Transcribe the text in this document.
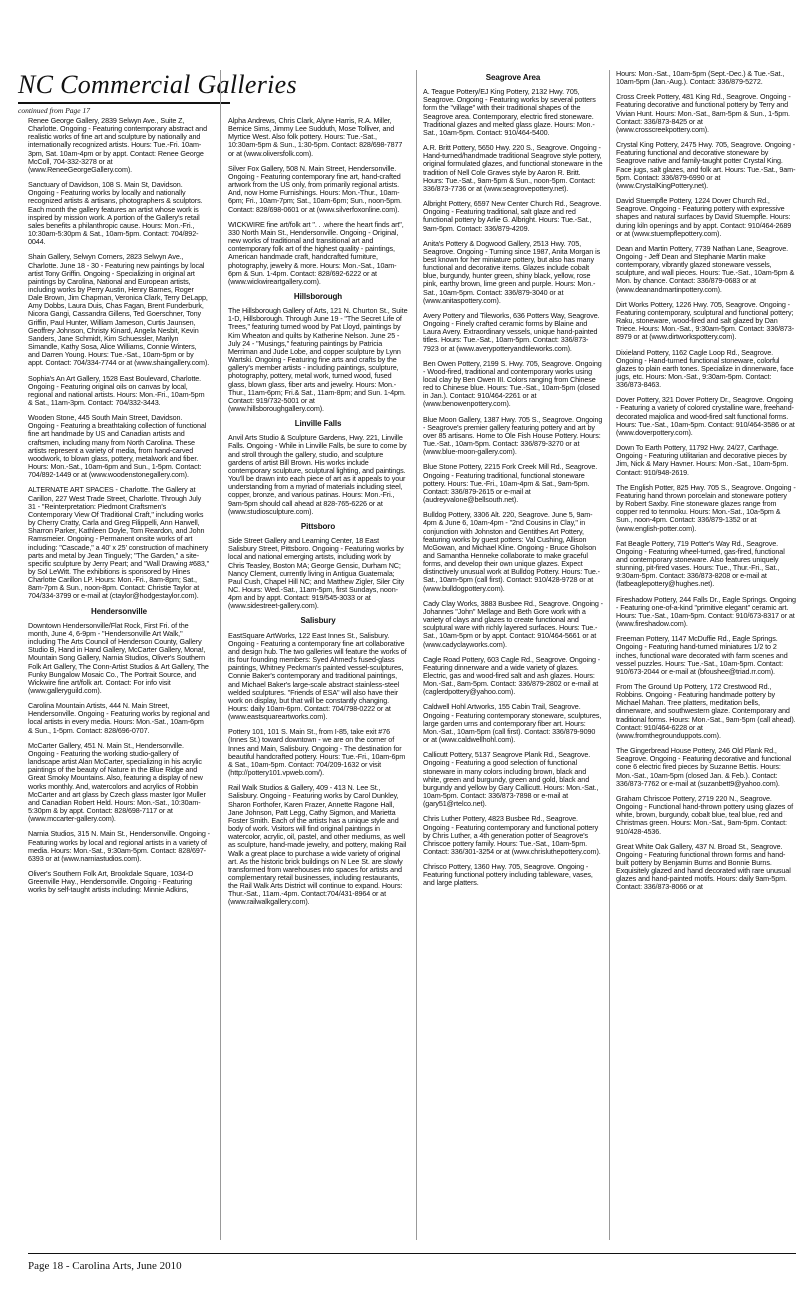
NC Commercial Galleries
continued from Page 17
Renee George Gallery, 2839 Selwyn Ave., Suite Z, Charlotte. Ongoing - Featuring contemporary abstract and realistic works of fine art and sculpture by nationally and internationally recognized artists. Hours: Tue.-Fri. 10am-3pm, Sat. 10am-4pm or by appt. Contact: Renee George McColl, 704-332-3278 or at (www.ReneeGeorgeGallery.com).
Sanctuary of Davidson, 108 S. Main St, Davidson. Ongoing - Featuring works by locally and nationally recognized artists & artisans, photographers & sculptors. Each month the gallery features an artist whose work is inspired by mission work. A portion of the Gallery's retail sales benefits a philanthropic cause. Hours: Mon.-Fri., 10:30am-5:30pm & Sat., 10am-5pm. Contact: 704/892-0044.
Shain Gallery, Selwyn Corners, 2823 Selwyn Ave., Charlotte. June 18 - 30 - Featuring new paintings by local artist Tony Griffin. Ongoing - Specializing in original art paintings by Carolina, National and European artists, including works by Perry Austin, Henry Barnes, Roger Dale Brown, Jim Chapman, Veronica Clark, Terry DeLapp, Amy Dobbs, Laura Duis, Chas Fagan, Brent Funderburk, Nicora Gangi, Cassandra Gillens, Ted Goerschner, Tony Griffin, Paul Hunter, William Jameson, Curtis Jaunsen, Geoffrey Johnson, Christy Kinard, Angela Nesbit, Kevin Sanders, Jane Schmidt, Kim Schuessler, Marilyn Simandle, Kathy Sosa, Alice Williams, Connie Winters, and Darren Young. Hours: Tue.-Sat., 10am-5pm or by appt. Contact: 704/334-7744 or at (www.shaingallery.com).
Sophia's An Art Gallery, 1528 East Boulevard, Charlotte. Ongoing - Featuring original oils on canvas by local, regional and national artists. Hours: Mon.-Fri., 10am-5pm & Sat., 11am-3pm. Contact: 704/332-3443.
Wooden Stone, 445 South Main Street, Davidson. Ongoing - Featuring a breathtaking collection of functional fine art handmade by US and Canadian artists and craftsmen, including many from North Carolina. These artists represent a variety of media, from hand-carved woodwork, to blown glass, pottery, metalwork and fiber. Hours: Mon.-Sat., 10am-6pm and Sun., 1-5pm. Contact: 704/892-1449 or at (www.woodenstonegallery.com).
ALTERNATE ART SPACES - Charlotte. The Gallery at Carillon, 227 West Trade Street, Charlotte. Through July 31 - "Reinterpretation: Piedmont Craftsmen's Contemporary View Of Traditional Craft," including works by Cherry Cratty, Carla and Greg Filippelli, Ann Harwell, Sharron Parker, Kathleen Doyle, Tom Reardon, and John Ramsmeier. Ongoing - Permanent onsite works of art including: "Cascade," a 40' x 25' construction of machinery parts and metal by Jean Tinguely; "The Garden," a site-specific sculpture by Jerry Peart; and "Wall Drawing #683," by Sol LeWitt. The exhibitions is sponsored by Hines Charlotte Carillon LP. Hours: Mon.-Fri., 8am-8pm; Sat., 8am-7pm & Sun., noon-8pm. Contact: Christie Taylor at 704/334-3799 or e-mail at (ctaylor@hodgestaylor.com).
Hendersonville
Downtown Hendersonville/Flat Rock, First Fri. of the month, June 4, 6-9pm - "Hendersonville Art Walk," including The Arts Council of Henderson County, Gallery Studio B, Hand in Hand Gallery, McCarter Gallery, Mona!, Mountain Song Gallery, Narnia Studios, Oliver's Southern Folk Art Gallery, The Conn-Artist Studios & Art Gallery, The Funky Bungalow Mosaic Co., The Portrait Source, and Wickwire fine art/folk art. Contact: For info visit (www.galleryguild.com).
Carolina Mountain Artists, 444 N. Main Street, Hendersonville. Ongoing - Featuring works by regional and local artists in every media. Hours: Mon.-Sat., 10am-6pm & Sun., 1-5pm. Contact: 828/696-0707.
McCarter Gallery, 451 N. Main St., Hendersonville. Ongoing - Featuring the working studio-gallery of landscape artist Alan McCarter, specializing in his acrylic paintings of the beauty of Nature in the Blue Ridge and Great Smoky Mountains. Also, featuring a display of new works monthly. And, watercolors and acrylics of Robbin McCarter and art glass by Czech glass master Igor Muller and Canadian Robert Held. Hours: Mon.-Sat., 10:30am-5:30pm & by appt. Contact: 828/698-7117 or at (www.mccarter-gallery.com).
Narnia Studios, 315 N. Main St., Hendersonville. Ongoing - Featuring works by local and regional artists in a variety of media. Hours: Mon.-Sat., 9:30am-5pm. Contact: 828/697-6393 or at (www.narniastudios.com).
Oliver's Southern Folk Art, Brookdale Square, 1034-D Greenville Hwy., Hendersonville. Ongoing - Featuring works by self-taught artists including: Minnie Adkins,
Alpha Andrews, Chris Clark, Alyne Harris, R.A. Miller, Bernice Sims, Jimmy Lee Sudduth, Mose Tolliver, and Myrtice West. Also folk pottery. Hours: Tue.-Sat., 10:30am-5pm & Sun., 1:30-5pm. Contact: 828/698-7877 or at (www.oliversfolk.com).
Silver Fox Gallery, 508 N. Main Street, Hendersonville. Ongoing - Featuring contemporary fine art, hand-crafted artwork from the US only, from primarily regional artists. And, now Home Furnishings. Hours: Mon.-Thur., 10am-6pm; Fri., 10am-7pm; Sat., 10am-6pm; Sun., noon-5pm. Contact: 828/698-0601 or at (www.silverfoxonline.com).
WICKWIRE fine art/folk art ". . .where the heart finds art", 330 North Main St., Hendersonville. Ongoing - Original, new works of traditional and transitional art and contemporary folk art of the highest quality - paintings, American handmade craft, handcrafted furniture, photography, jewelry & more. Hours: Mon.-Sat., 10am-6pm & Sun. 1-4pm. Contact: 828/692-6222 or at (www.wickwireartgallery.com).
Hillsborough
The Hillsborough Gallery of Arts, 121 N. Churton St., Suite 1-D, Hillsborough. Through June 19 - "The Secret Life of Trees," featuring turned wood by Pat Lloyd, paintings by Kim Wheaton and quilts by Katherine Nelson. June 25 - July 24 - "Musings," featuring paintings by Patricia Merriman and Jude Lobe, and copper sculpture by Lynn Wartski. Ongoing - Featuring fine arts and crafts by the gallery's member artists - including paintings, sculpture, photography, pottery, metal work, turned wood, fused glass, blown glass, fiber arts and jewelry. Hours: Mon.-Thur., 11am-6pm; Fri.& Sat., 11am-8pm; and Sun. 1-4pm. Contact: 919/732-5001 or at (www.hillsboroughgallery.com).
Linville Falls
Anvil Arts Studio & Sculpture Gardens, Hwy. 221, Linville Falls. Ongoing - While in Linville Falls, be sure to come by and stroll through the gallery, studio, and sculpture gardens of artist Bill Brown. His works include contemporary sculpture, sculptural lighting, and paintings. You'll be drawn into each piece of art as it appeals to your understanding from a myriad of materials including steel, copper, bronze, and various patinas. Hours: Mon.-Fri., 9am-5pm should call ahead at 828-765-6226 or at (www.studiosculpture.com).
Pittsboro
Side Street Gallery and Learning Center, 18 East Salisbury Street, Pittsboro. Ongoing - Featuring works by local and national emerging artists, including work by Chris Teasley, Boston MA; George Gensic, Durham NC; Nancy Clement, currently living in Antigua Guatemala; Paul Cush, Chapel Hill NC; and Matthew Zigler, Siler City NC. Hours: Wed.-Sat., 11am-5pm, first Sundays, noon-4pm and by appt. Contact: 919/545-3033 or at (www.sidestreet-gallery.com).
Salisbury
EastSquare ArtWorks, 122 East Innes St., Salisbury. Ongoing - Featuring a contemporary fine art collaborative and design hub. The two galleries will feature the works of its four founding members: Syed Ahmed's fused-glass paintings, Whitney Peckman's painted vessel-sculptures, Connie Baker's contemporary and traditional paintings, and Michael Baker's large-scale abstract stainless-steel welded sculptures. "Friends of ESA" will also have their work on display, but that will be constantly changing. Hours: daily 10am-6pm. Contact: 704/798-0222 or at (www.eastsquareartworks.com).
Pottery 101, 101 S. Main St., from I-85, take exit #76 (Innes St.) toward downtown - we are on the corner of Innes and Main, Salisbury. Ongoing - The destination for beautiful handcrafted pottery. Hours: Tue.-Fri., 10am-6pm & Sat., 10am-5pm. Contact: 704/209-1632 or visit (http://pottery101.vpweb.com/).
Rail Walk Studios & Gallery, 409 - 413 N. Lee St., Salisbury. Ongoing - Featuring works by Carol Dunkley, Sharon Forthofer, Karen Frazer, Annette Ragone Hall, Jane Johnson, Patt Legg, Cathy Sigmon, and Marietta Foster Smith. Each of the artists has a unique style and body of work. Visitors will find original paintings in watercolor, acrylic, oil, pastel, and other mediums, as well as sculpture, hand-made jewelry, and pottery, making Rail Walk a great place to purchase a wide variety of original art. As the historic brick buildings on N Lee St. are slowly transformed from warehouses into spaces for artists and complementary retail businesses, including restaurants, the Rail Walk Arts District will continue to expand. Hours: Thur.-Sat., 11am.-4pm. Contact:704/431-8964 or at (www.railwalkgallery.com).
Seagrove Area
A. Teague Pottery/EJ King Pottery, 2132 Hwy. 705, Seagrove. Ongoing - Featuring works by several potters form the "village" with their traditional shapes of the Seagrove area. Contemporary, electric fired stoneware. Traditional glazes and melted glass glaze. Hours: Mon.-Sat., 10am-5pm. Contact: 910/464-5400.
A.R. Britt Pottery, 5650 Hwy. 220 S., Seagrove. Ongoing - Hand-turned/handmade traditional Seagrove style pottery, original formulated glazes, and functional stoneware in the tradition of Nell Cole Graves style by Aaron R. Britt. Hours: Tue.-Sat., 9am-5pm & Sun., noon-5pm. Contact: 336/873-7736 or at (www.seagrovepottery.net).
Albright Pottery, 6597 New Center Church Rd., Seagrove. Ongoing - Featuring traditional, salt glaze and red functional pottery by Arlie G. Albright. Hours: Tue.-Sat., 9am-5pm. Contact: 336/879-4209.
Anita's Pottery & Dogwood Gallery, 2513 Hwy. 705, Seagrove. Ongoing - Turning since 1987, Anita Morgan is best known for her miniature pottery, but also has many functional and decorative items. Glazes include cobalt blue, burgundy, hunter green, shiny black, yellow, rose pink, earthy brown, lime green and purple. Hours: Mon.-Sat., 10am-5pm. Contact: 336/879-3040 or at (www.anitaspottery.com).
Avery Pottery and Tileworks, 636 Potters Way, Seagrove. Ongoing - Finely crafted ceramic forms by Blaine and Laura Avery. Extraordinary vessels, unique hand-painted titles. Hours: Tue.-Sat., 10am-5pm. Contact: 336/873-7923 or at (www.averypotteryandtileworks.com).
Ben Owen Pottery, 2199 S. Hwy. 705, Seagrove. Ongoing - Wood-fired, traditional and contemporary works using local clay by Ben Owen III. Colors ranging from Chinese red to Chinese blue. Hours: Tue.-Sat., 10am-5pm (closed in Jan.). Contact: 910/464-2261 or at (www.benowenpottery.com).
Blue Moon Gallery, 1387 Hwy. 705 S., Seagrove. Ongoing - Seagrove's premier gallery featuring pottery and art by over 85 artisans. Home to Ole Fish House Pottery. Hours: Tue.-Sat., 10am-5pm. Contact: 336/879-3270 or at (www.blue-moon-gallery.com).
Blue Stone Pottery, 2215 Fork Creek Mill Rd., Seagrove. Ongoing - Featuring traditional, functional stoneware pottery. Hours: Tue.-Fri., 10am-4pm & Sat., 9am-5pm. Contact: 336/879-2615 or e-mail at (audreyvalone@bellsouth.net).
Bulldog Pottery, 3306 Alt. 220, Seagrove. June 5, 9am-4pm & June 6, 10am-4pm - "2nd Cousins in Clay," in conjunction with Johnston and Gentithes Art Pottery, featuring works by guest potters: Val Cushing, Allison McGowan, and Michael Kline. Ongoing - Bruce Gholson and Samantha Henneke collaborate to make graceful forms, and develop their own unique glazes. Expect distinctively unusual work at Bulldog Pottery. Hours: Tue.-Sat., 10am-5pm (call first). Contact: 910/428-9728 or at (www.bulldogpottery.com).
Cady Clay Works, 3883 Busbee Rd., Seagrove. Ongoing - Johannes "John" Mellage and Beth Gore work with a variety of clays and glazes to create functional and sculptural ware with richly layered surfaces. Hours: Tue.-Sat., 10am-5pm or by appt. Contact: 910/464-5661 or at (www.cadyclayworks.com).
Cagle Road Pottery, 603 Cagle Rd., Seagrove. Ongoing - Featuring dinnerware and a wide variety of glazes. Electric, gas and wood-fired salt and ash glazes. Hours: Mon.-Sat., 8am-5pm. Contact: 336/879-2802 or e-mail at (caglerdpottery@yahoo.com).
Caldwell Hohl Artworks, 155 Cabin Trail, Seagrove. Ongoing - Featuring contemporary stoneware, sculptures, large garden urns and contemporary fiber art. Hours: Mon.-Sat., 10am-5pm (call first). Contact: 336/879-9090 or at (www.caldwellhohl.com).
Callicutt Pottery, 5137 Seagrove Plank Rd., Seagrove. Ongoing - Featuring a good selection of functional stoneware in many colors including brown, black and white, green and burgundy, green and gold, black and burgundy and yellow by Gary Callicutt. Hours: Mon.-Sat., 10am-5pm. Contact: 336/873-7898 or e-mail at (gary51@rtelco.net).
Chris Luther Pottery, 4823 Busbee Rd., Seagrove. Ongoing - Featuring contemporary and functional pottery by Chris Luther, a 4th generation potter of Seagrove's Chriscoe pottery family. Hours: Tue.-Sat., 10am-5pm. Contact: 336/301-3254 or at (www.chrisluthepottery.com).
Chrisco Pottery, 1360 Hwy. 705, Seagrove. Ongoing - Featuring functional pottery including tableware, vases, and large platters.
Hours: Mon.-Sat., 10am-5pm (Sept.-Dec.) & Tue.-Sat., 10am-5pm (Jan.-Aug.). Contact: 336/879-5272.
Cross Creek Pottery, 481 King Rd., Seagrove. Ongoing - Featuring decorative and functional pottery by Terry and Vivian Hunt. Hours: Mon.-Sat., 8am-5pm & Sun., 1-5pm. Contact: 336/873-8425 or at (www.crosscreekpottery.com).
Crystal King Pottery, 2475 Hwy. 705, Seagrove. Ongoing - Featuring functional and decorative stoneware by Seagrove native and family-taught potter Crystal King. Face jugs, salt glazes, and folk art. Hours: Tue.-Sat., 9am-5pm. Contact: 336/879-6990 or at (www.CrystalKingPottery.net).
David Stuempfle Pottery, 1224 Dover Church Rd., Seagrove. Ongoing - Featuring pottery with expressive shapes and natural surfaces by David Stuempfle. Hours: during kiln openings and by appt. Contact: 910/464-2689 or at (www.stuempflepottery.com).
Dean and Martin Pottery, 7739 Nathan Lane, Seagrove. Ongoing - Jeff Dean and Stephanie Martin make contemporary, vibrantly glazed stoneware vessels, sculpture, and wall pieces. Hours: Tue.-Sat., 10am-5pm & Mon. by chance. Contact: 336/879-0683 or at (www.deanandmartinpottery.com).
Dirt Works Pottery, 1226 Hwy. 705, Seagrove. Ongoing - Featuring contemporary, sculptural and functional pottery; Raku, stoneware, wood-fired and salt glazed by Dan Triece. Hours: Mon.-Sat., 9:30am-5pm. Contact: 336/873-8979 or at (www.dirtworkspottery.com).
Dixieland Pottery, 1162 Cagle Loop Rd., Seagrove. Ongoing - Hand-turned functional stoneware, colorful glazes to plain earth tones. Specialize in dinnerware, face jugs, etc. Hours: Mon.-Sat., 9:30am-5pm. Contact: 336/873-8463.
Dover Pottery, 321 Dover Pottery Dr., Seagrove. Ongoing - Featuring a variety of colored crystalline ware, freehand-decorated majolica and wood-fired salt functional forms. Hours: Tue.-Sat., 10am-5pm. Contact: 910/464-3586 or at (www.doverpottery.com).
Down To Earth Pottery, 11792 Hwy. 24/27, Carthage. Ongoing - Featuring utilitarian and decorative pieces by Jim, Nick & Mary Havner. Hours: Mon.-Sat., 10am-5pm. Contact: 910/948-2619.
The English Potter, 825 Hwy. 705 S., Seagrove. Ongoing - Featuring hand thrown porcelain and stoneware pottery by Robert Saxby. Fine stoneware glazes range from copper red to tenmoku. Hours: Mon.-Sat., 10a-5pm & Sun., noon-4pm. Contact: 336/879-1352 or at (www.english-potter.com).
Fat Beagle Pottery, 719 Potter's Way Rd., Seagrove. Ongoing - Featuring wheel-turned, gas-fired, functional and contemporary stoneware. Also features uniquely stunning, pit-fired vases. Hours: Tue., Thur.-Fri., Sat., 9:30am-5pm. Contact: 336/873-8208 or e-mail at (fatbeaglepottery@hughes.net).
Fireshadow Pottery, 244 Falls Dr., Eagle Springs. Ongoing - Featuring one-of-a-kind "primitive elegant" ceramic art. Hours: Tue.-Sat., 10am-5pm. Contact: 910/673-8317 or at (www.fireshadow.com).
Freeman Pottery, 1147 McDuffie Rd., Eagle Springs. Ongoing - Featuring hand-turned miniatures 1/2 to 2 inches, functional ware decorated with farm scenes and vessel puzzles. Hours: Tue.-Sat., 10am-5pm. Contact: 910/673-2044 or e-mail at (bfoushee@triad.rr.com).
From The Ground Up Pottery, 172 Crestwood Rd., Robbins. Ongoing - Featuring handmade pottery by Michael Mahan. Tree platters, meditation bells, dinnerware, and southwestern glaze. Contemporary and traditional forms. Hours: Mon.-Sat., 9am-5pm (call ahead). Contact: 910/464-6228 or at (www.fromthegrounduppots.com).
The Gingerbread House Pottery, 246 Old Plank Rd., Seagrove. Ongoing - Featuring decorative and functional cone 6 electric fired pieces by Suzanne Bettis. Hours: Mon.-Sat., 10am-5pm (closed Jan. & Feb.). Contact: 336/873-7762 or e-mail at (suzanbett9@yahoo.com).
Graham Chriscoe Pottery, 2719 220 N., Seagrove. Ongoing - Functional hand-thrown pottery using glazes of white, brown, burgundy, cobalt blue, teal blue, red and Christmas green. Hours: Mon.-Sat., 9am-5pm. Contact: 910/428-4536.
Great White Oak Gallery, 437 N. Broad St., Seagrove. Ongoing - Featuring functional thrown forms and hand-built pottery by Benjamin Burns and Bonnie Burns. Exquisitely glazed and hand decorated with rare unusual glazes and hand-painted motifs. Hours: daily 9am-5pm. Contact: 336/873-8066 or at
Page 18 - Carolina Arts, June 2010
